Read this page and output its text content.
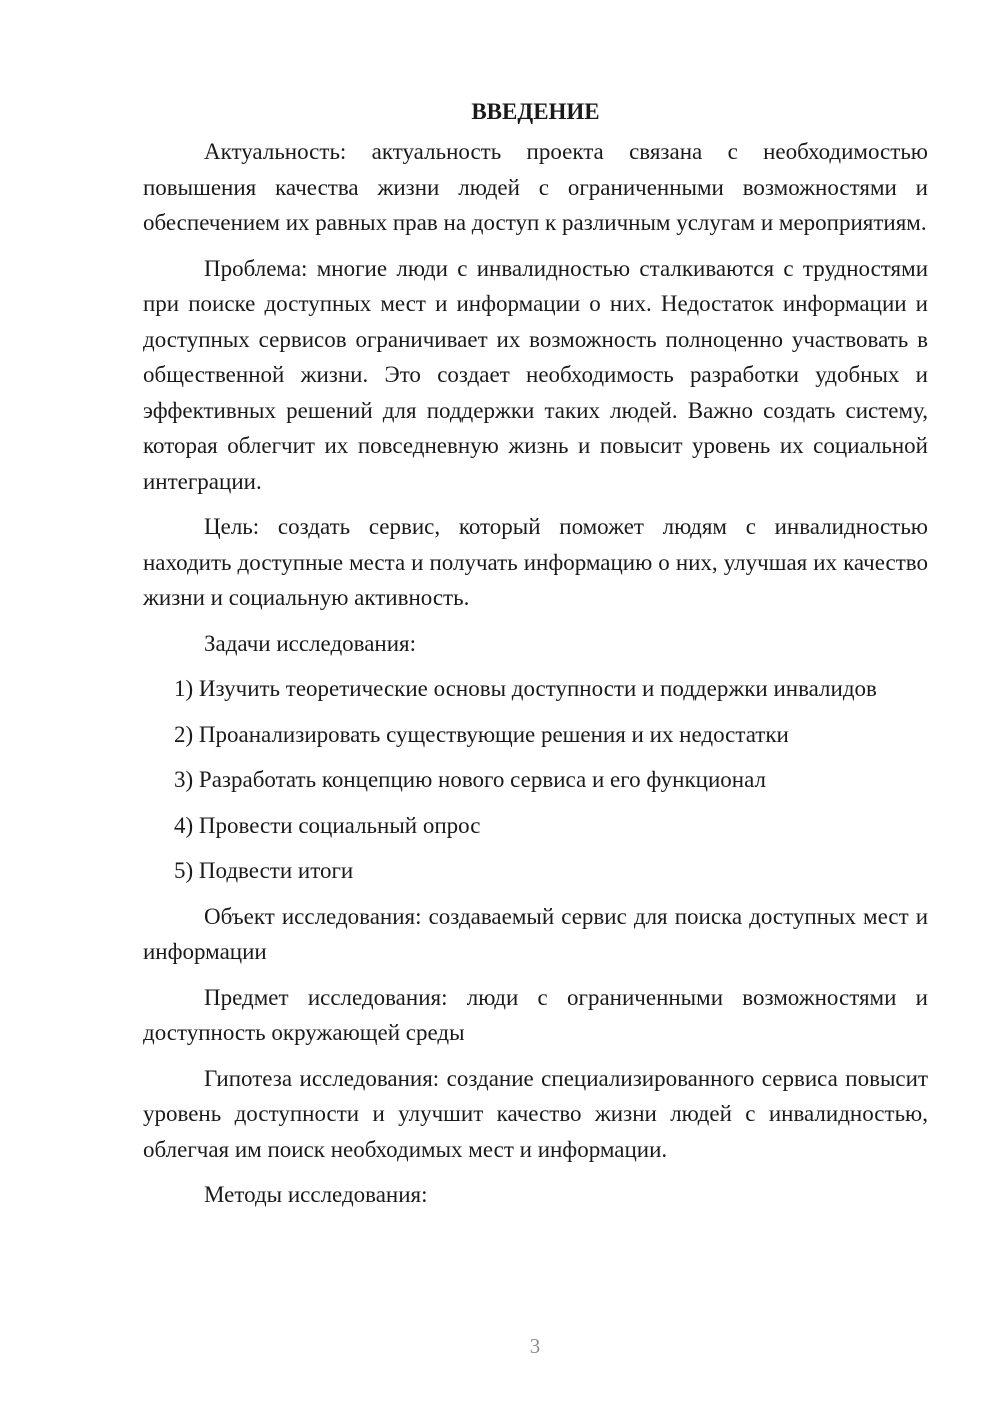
ВВЕДЕНИЕ

Актуальность: актуальность проекта связана с необходимостью повышения качества жизни людей с ограниченными возможностями и обеспечением их равных прав на доступ к различным услугам и мероприятиям.

Проблема: многие люди с инвалидностью сталкиваются с трудностями при поиске доступных мест и информации о них. Недостаток информации и доступных сервисов ограничивает их возможность полноценно участвовать в общественной жизни. Это создает необходимость разработки удобных и эффективных решений для поддержки таких людей. Важно создать систему, которая облегчит их повседневную жизнь и повысит уровень их социальной интеграции.

Цель: создать сервис, который поможет людям с инвалидностью находить доступные места и получать информацию о них, улучшая их качество жизни и социальную активность.

Задачи исследования:

1) Изучить теоретические основы доступности и поддержки инвалидов

2) Проанализировать существующие решения и их недостатки

3) Разработать концепцию нового сервиса и его функционал

4) Провести социальный опрос

5) Подвести итоги

Объект исследования: создаваемый сервис для поиска доступных мест и информации

Предмет исследования: люди с ограниченными возможностями и доступность окружающей среды

Гипотеза исследования: создание специализированного сервиса повысит уровень доступности и улучшит качество жизни людей с инвалидностью, облегчая им поиск необходимых мест и информации.

Методы исследования:

3
